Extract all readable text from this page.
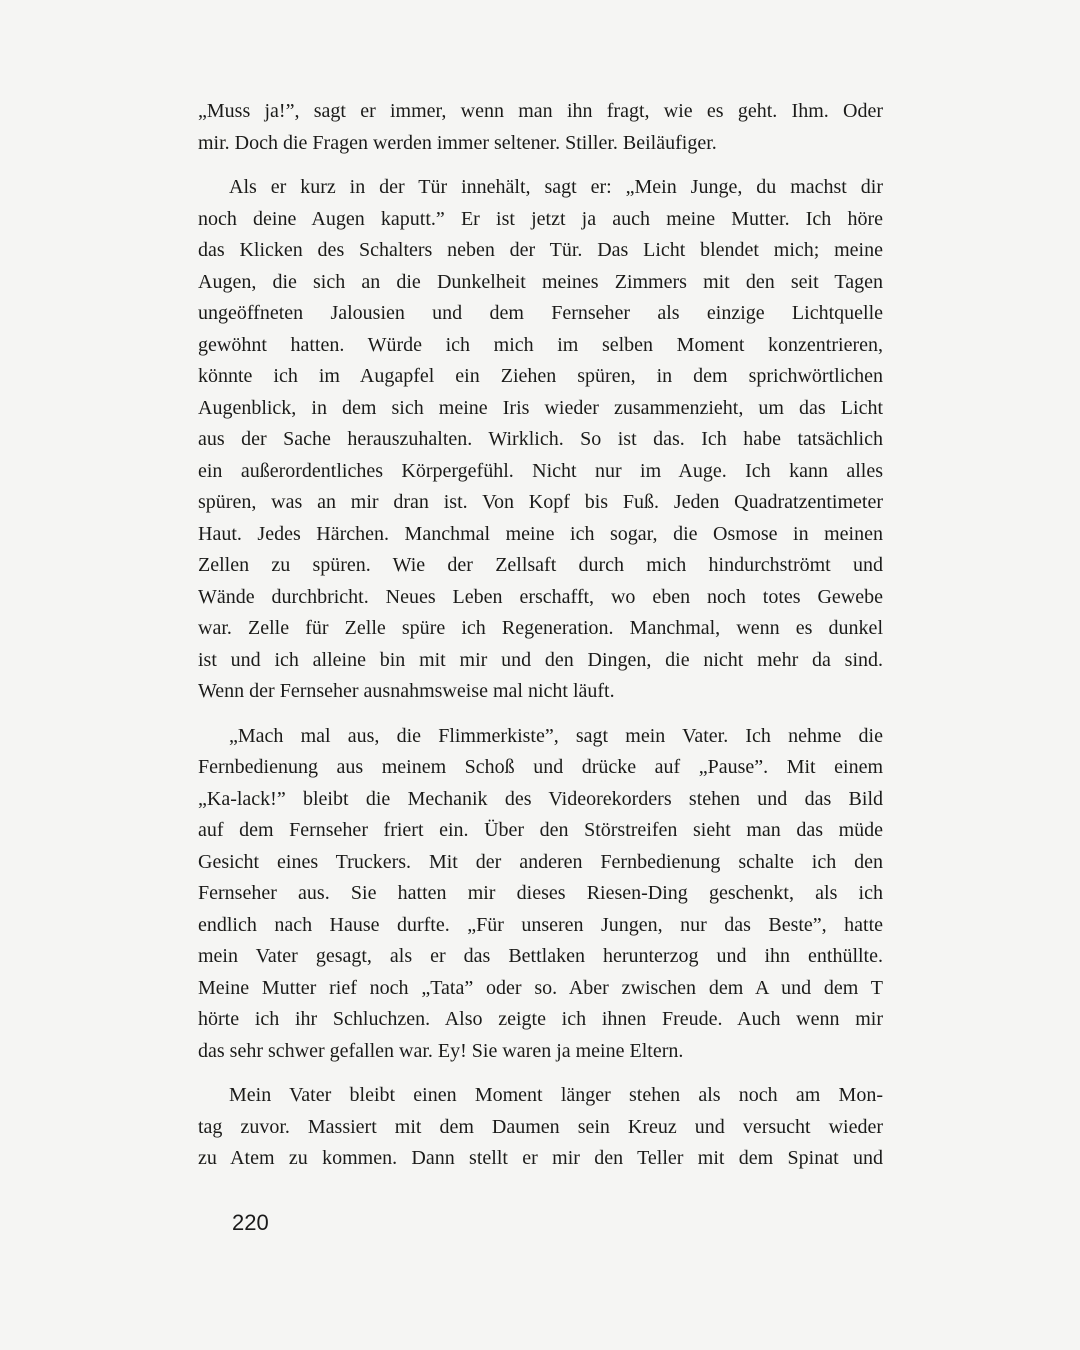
„Muss ja!”, sagt er immer, wenn man ihn fragt, wie es geht. Ihm. Oder
mir. Doch die Fragen werden immer seltener. Stiller. Beiläufiger.
Als er kurz in der Tür innehält, sagt er: „Mein Junge, du machst dir
noch deine Augen kaputt.” Er ist jetzt ja auch meine Mutter. Ich höre
das Klicken des Schalters neben der Tür. Das Licht blendet mich; meine
Augen, die sich an die Dunkelheit meines Zimmers mit den seit Tagen
ungeöffneten Jalousien und dem Fernseher als einzige Lichtquelle
gewöhnt hatten. Würde ich mich im selben Moment konzentrieren,
könnte ich im Augapfel ein Ziehen spüren, in dem sprichwörtlichen
Augenblick, in dem sich meine Iris wieder zusammenzieht, um das Licht
aus der Sache herauszuhalten. Wirklich. So ist das. Ich habe tatsächlich
ein außerordentliches Körpergefühl. Nicht nur im Auge. Ich kann alles
spüren, was an mir dran ist. Von Kopf bis Fuß. Jeden Quadratzentimeter
Haut. Jedes Härchen. Manchmal meine ich sogar, die Osmose in meinen
Zellen zu spüren. Wie der Zellsaft durch mich hindurchströmt und
Wände durchbricht. Neues Leben erschafft, wo eben noch totes Gewebe
war. Zelle für Zelle spüre ich Regeneration. Manchmal, wenn es dunkel
ist und ich alleine bin mit mir und den Dingen, die nicht mehr da sind.
Wenn der Fernseher ausnahmsweise mal nicht läuft.
„Mach mal aus, die Flimmerkiste”, sagt mein Vater. Ich nehme die
Fernbedienung aus meinem Schoß und drücke auf „Pause”. Mit einem
„Ka-lack!” bleibt die Mechanik des Videorekorders stehen und das Bild
auf dem Fernseher friert ein. Über den Störstreifen sieht man das müde
Gesicht eines Truckers. Mit der anderen Fernbedienung schalte ich den
Fernseher aus. Sie hatten mir dieses Riesen-Ding geschenkt, als ich
endlich nach Hause durfte. „Für unseren Jungen, nur das Beste”, hatte
mein Vater gesagt, als er das Bettlaken herunterzog und ihn enthüllte.
Meine Mutter rief noch „Tata” oder so. Aber zwischen dem A und dem T
hörte ich ihr Schluchzen. Also zeigte ich ihnen Freude. Auch wenn mir
das sehr schwer gefallen war. Ey! Sie waren ja meine Eltern.
Mein Vater bleibt einen Moment länger stehen als noch am Mon-
tag zuvor. Massiert mit dem Daumen sein Kreuz und versucht wieder
zu Atem zu kommen. Dann stellt er mir den Teller mit dem Spinat und
220
